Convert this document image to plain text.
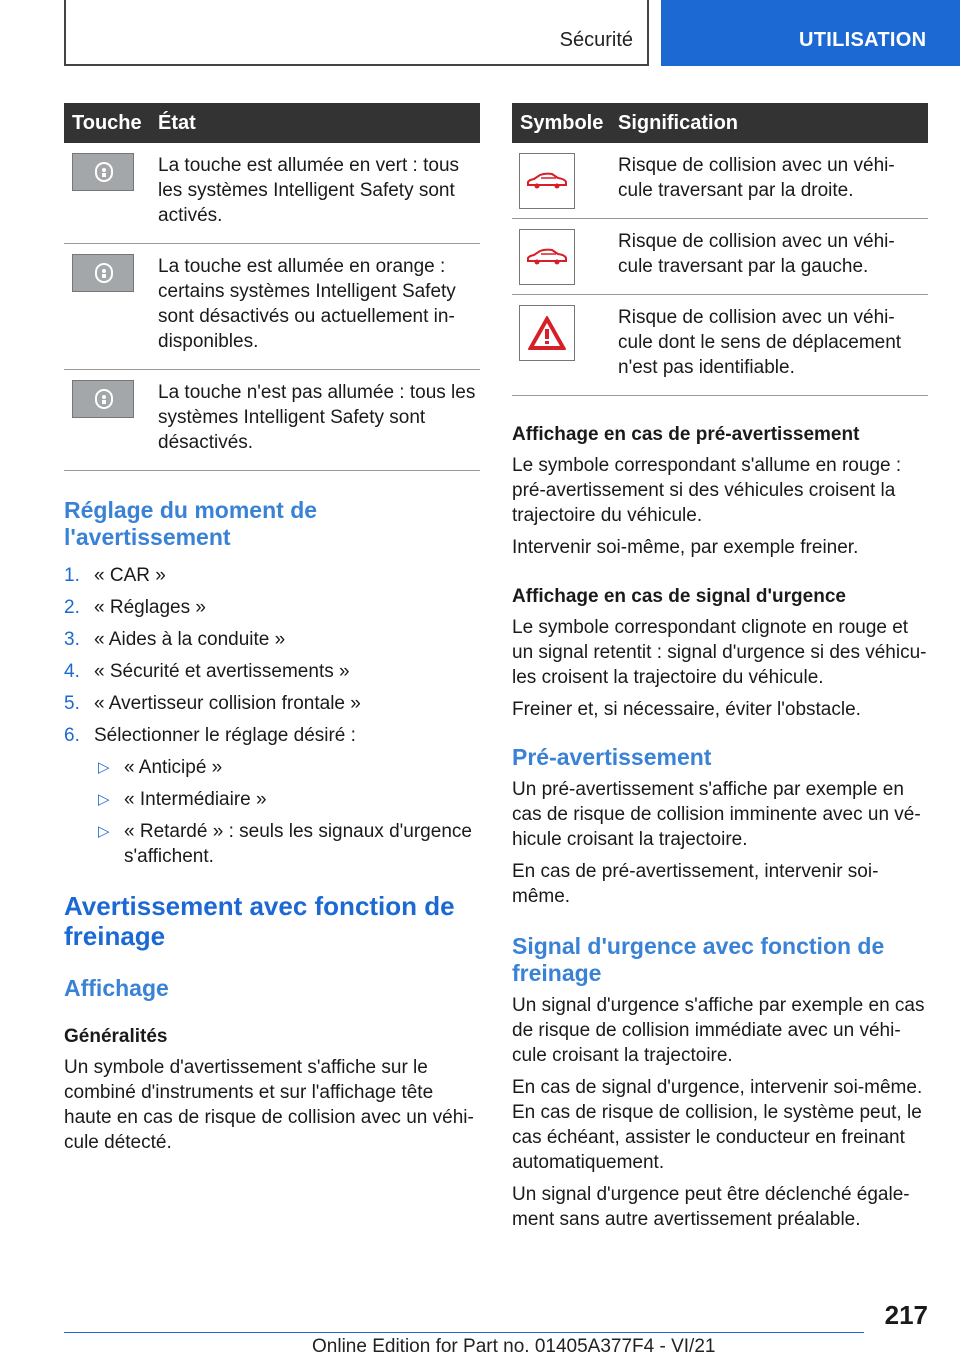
Sécurité	UTILISATION
Touche	État

	La touche est allumée en vert : tous les systèmes Intelligent Safety sont activés.

	La touche est allumée en orange : certains systèmes Intelligent Safety sont désactivés ou actuellement in-disponibles.

	La touche n'est pas allumée : tous les systèmes Intelligent Safety sont désactivés.
Réglage du moment de l'avertissement
1. « CAR »
2. « Réglages »
3. « Aides à la conduite »
4. « Sécurité et avertissements »
5. « Avertisseur collision frontale »
6. Sélectionner le réglage désiré :
▷ « Anticipé »
▷ « Intermédiaire »
▷ « Retardé » : seuls les signaux d'urgence s'affichent.
Avertissement avec fonction de freinage
Affichage
Généralités

Un symbole d'avertissement s'affiche sur le combiné d'instruments et sur l'affichage tête haute en cas de risque de collision avec un véhi-cule détecté.

Symbole	Signification

	Risque de collision avec un véhi-cule traversant par la droite.

	Risque de collision avec un véhi-cule traversant par la gauche.

	Risque de collision avec un véhi-cule dont le sens de déplacement n'est pas identifiable.
Affichage en cas de pré-avertissement

Le symbole correspondant s'allume en rouge : pré-avertissement si des véhicules croisent la trajectoire du véhicule.

Intervenir soi-même, par exemple freiner.

Affichage en cas de signal d'urgence

Le symbole correspondant clignote en rouge et un signal retentit : signal d'urgence si des véhicu-les croisent la trajectoire du véhicule.

Freiner et, si nécessaire, éviter l'obstacle.

Pré-avertissement

Un pré-avertissement s'affiche par exemple en cas de risque de collision imminente avec un vé-hicule croisant la trajectoire.

En cas de pré-avertissement, intervenir soi-même.

Signal d'urgence avec fonction de freinage

Un signal d'urgence s'affiche par exemple en cas de risque de collision immédiate avec un véhi-cule croisant la trajectoire.

En cas de signal d'urgence, intervenir soi-même. En cas de risque de collision, le système peut, le cas échéant, assister le conducteur en freinant automatiquement.

Un signal d'urgence peut être déclenché égale-ment sans autre avertissement préalable.

217
Online Edition for Part no. 01405A377F4 - VI/21
